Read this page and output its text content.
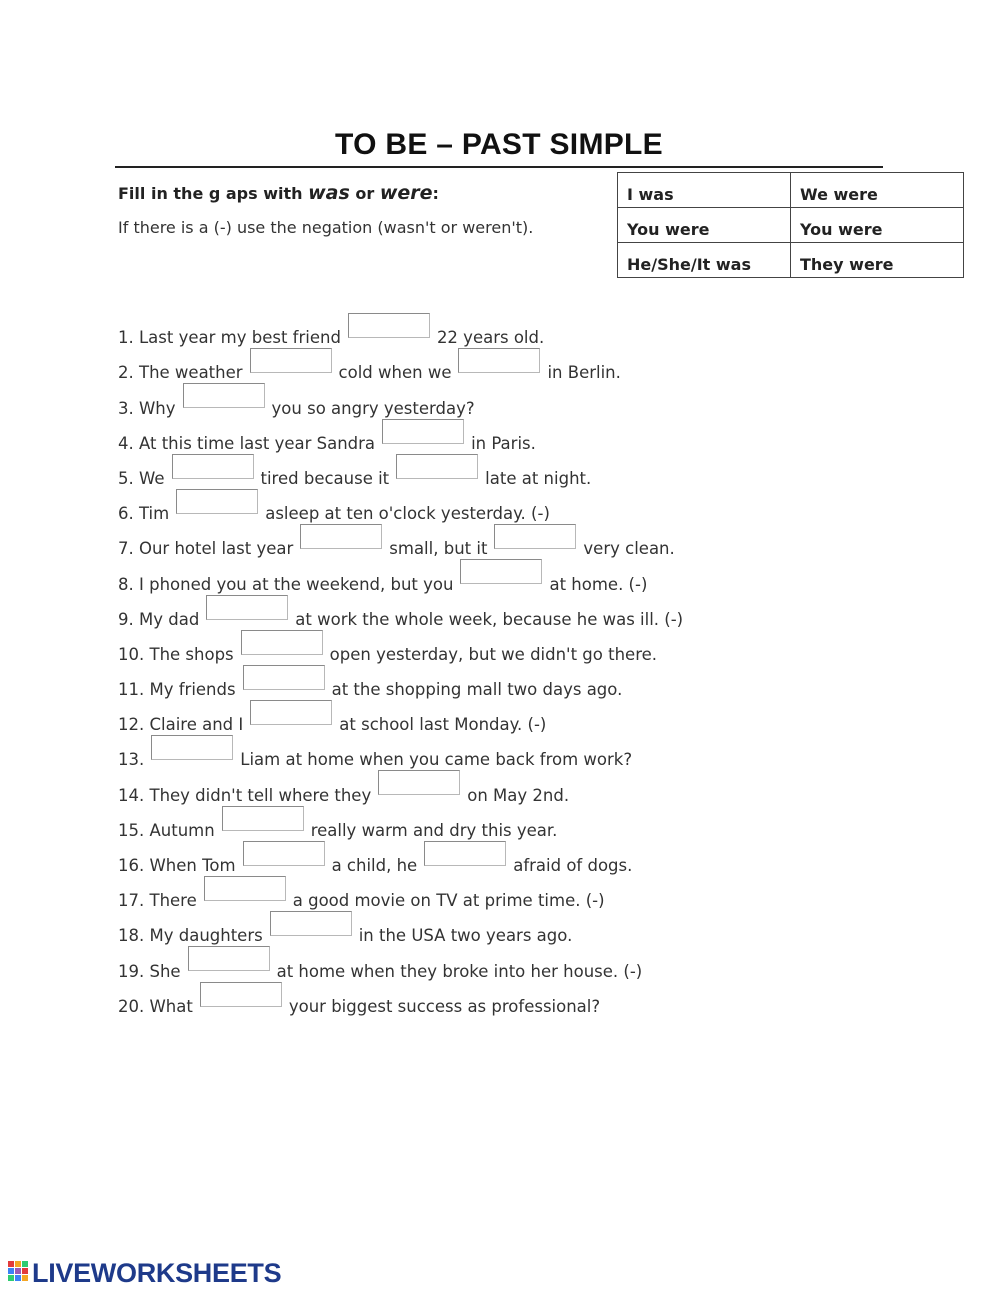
TO BE – PAST SIMPLE
Fill in the g aps with was or were:
If there is a (-) use the negation (wasn't or weren't).
I was	We were
You were	You were
He/She/It was	They were
1. Last year my best friend	22 years old.
2. The weather	cold when we	in Berlin.
3. Why	you so angry yesterday?
4. At this time last year Sandra	in Paris.
5. We	tired because it	late at night.
6. Tim	asleep at ten o'clock yesterday. (-)
7. Our hotel last year	small, but it	very clean.
8. I phoned you at the weekend, but you	at home. (-)
9. My dad	at work the whole week, because he was ill. (-)
10. The shops	open yesterday, but we didn't go there.
11. My friends	at the shopping mall two days ago.
12. Claire and I	at school last Monday. (-)
13.	Liam at home when you came back from work?
14. They didn't tell where they	on May 2nd.
15. Autumn	really warm and dry this year.
16. When Tom	a child, he	afraid of dogs.
17. There	a good movie on TV at prime time. (-)
18. My daughters	in the USA two years ago.
19. She	at home when they broke into her house. (-)
20. What	your biggest success as professional?
LIVEWORKSHEETS
